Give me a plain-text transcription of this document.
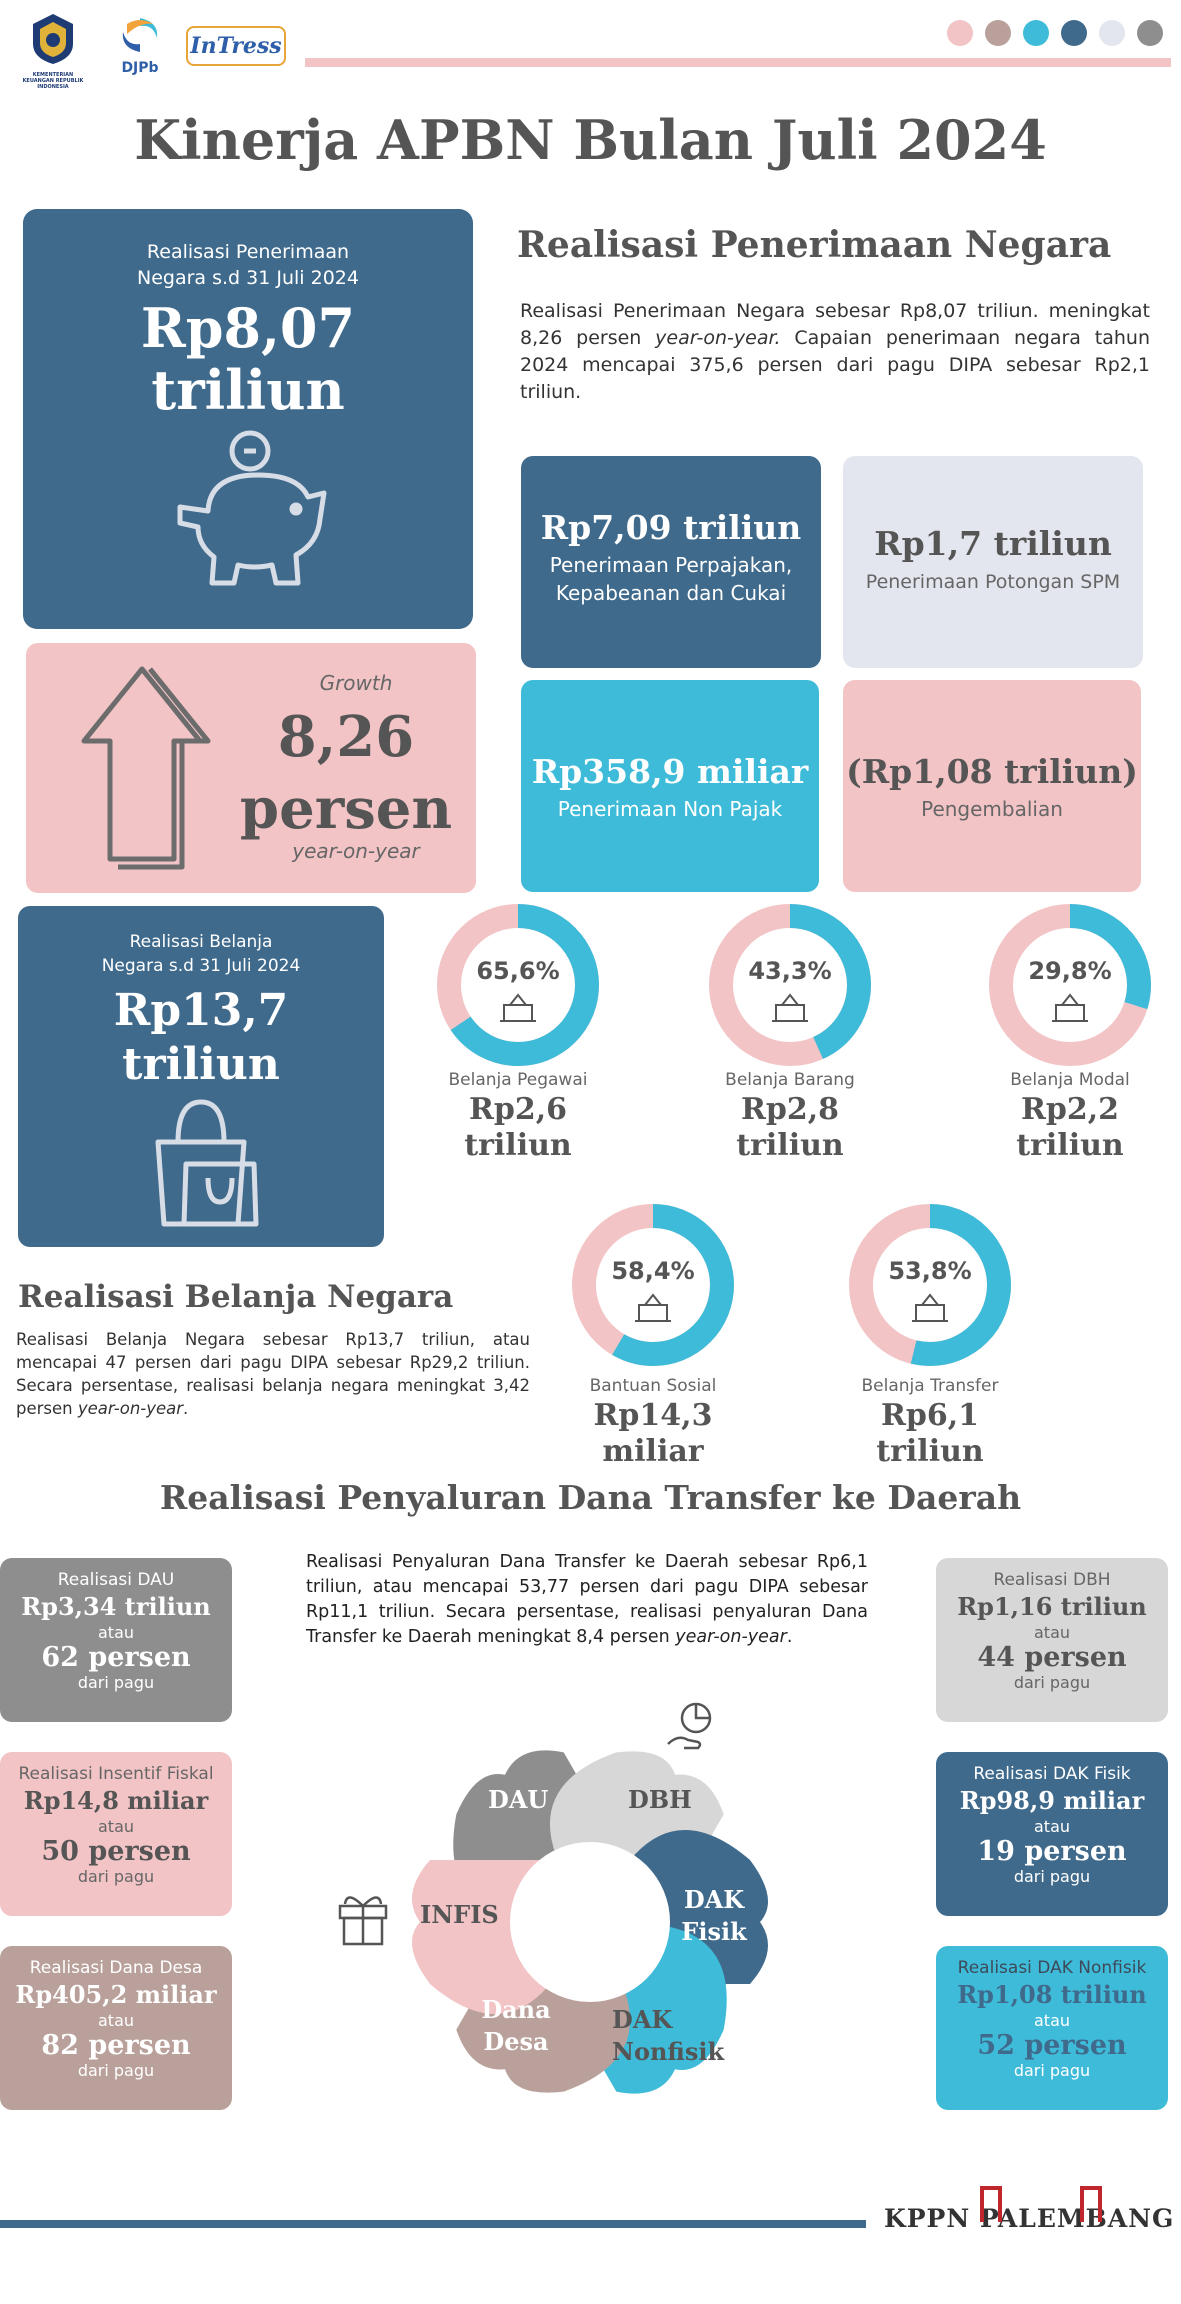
KEMENTERIAN KEUANGAN REPUBLIK INDONESIA
DJPb
InTress
Kinerja APBN Bulan Juli 2024
Realisasi Penerimaan Negara s.d 31 Juli 2024
Rp8,07 triliun
Realisasi Penerimaan Negara

Realisasi Penerimaan Negara sebesar Rp8,07 triliun. meningkat 8,26 persen year-on-year. Capaian penerimaan negara tahun 2024 mencapai 375,6 persen dari pagu DIPA sebesar Rp2,1 triliun.

Growth
8,26 persen
year-on-year
Rp7,09 triliun
Penerimaan Perpajakan, Kepabeanan dan Cukai
Rp1,7 triliun
Penerimaan Potongan SPM
Rp358,9 miliar
Penerimaan Non Pajak
(Rp1,08 triliun)
Pengembalian
Realisasi Belanja Negara s.d 31 Juli 2024
Rp13,7 triliun
65,6%	43,3%	29,8%
58,4%	53,8%
Realisasi Belanja Negara

Realisasi Belanja Negara sebesar Rp13,7 triliun, atau mencapai 47 persen dari pagu DIPA sebesar Rp29,2 triliun. Secara persentase, realisasi belanja negara meningkat 3,42 persen year-on-year.

Belanja Pegawai
Rp2,6 triliun
Belanja Barang
Rp2,8 triliun
Belanja Modal
Rp2,2 triliun
Bantuan Sosial
Rp14,3 miliar
Belanja Transfer
Rp6,1 triliun
Realisasi Penyaluran Dana Transfer ke Daerah

Realisasi Penyaluran Dana Transfer ke Daerah sebesar Rp6,1 triliun, atau mencapai 53,77 persen dari pagu DIPA sebesar Rp11,1 triliun. Secara persentase, realisasi penyaluran Dana Transfer ke Daerah meningkat 8,4 persen year-on-year.

Realisasi DAU
Rp3,34 triliun
atau
62 persen
dari pagu
Realisasi Insentif Fiskal
Rp14,8 miliar
atau
50 persen
dari pagu
Realisasi Dana Desa
Rp405,2 miliar
atau
82 persen
dari pagu
Realisasi DBH
Rp1,16 triliun
atau
44 persen
dari pagu
Realisasi DAK Fisik
Rp98,9 miliar
atau
19 persen
dari pagu
Realisasi DAK Nonfisik
Rp1,08 triliun
atau
52 persen
dari pagu
DAU	DBH
DAK
Fisik
INFIS
Dana
Desa
DAK
Nonfisik
KPPN PALEMBANG
